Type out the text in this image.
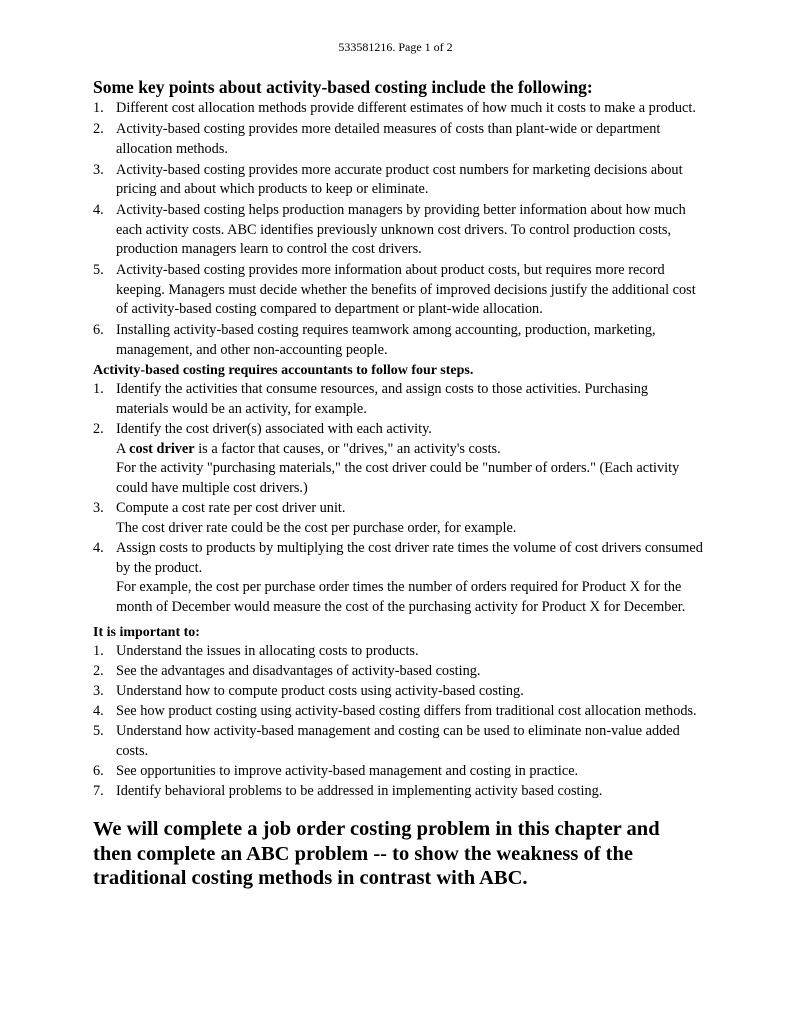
533581216. Page 1 of 2
Some key points about activity-based costing include the following:
1. Different cost allocation methods provide different estimates of how much it costs to make a product.
2. Activity-based costing provides more detailed measures of costs than plant-wide or department allocation methods.
3. Activity-based costing provides more accurate product cost numbers for marketing decisions about pricing and about which products to keep or eliminate.
4. Activity-based costing helps production managers by providing better information about how much each activity costs. ABC identifies previously unknown cost drivers. To control production costs, production managers learn to control the cost drivers.
5. Activity-based costing provides more information about product costs, but requires more record keeping. Managers must decide whether the benefits of improved decisions justify the additional cost of activity-based costing compared to department or plant-wide allocation.
6. Installing activity-based costing requires teamwork among accounting, production, marketing, management, and other non-accounting people.
Activity-based costing requires accountants to follow four steps.
1. Identify the activities that consume resources, and assign costs to those activities. Purchasing materials would be an activity, for example.
2. Identify the cost driver(s) associated with each activity.
A cost driver is a factor that causes, or "drives," an activity's costs.
For the activity "purchasing materials," the cost driver could be "number of orders." (Each activity could have multiple cost drivers.)
3. Compute a cost rate per cost driver unit.
The cost driver rate could be the cost per purchase order, for example.
4. Assign costs to products by multiplying the cost driver rate times the volume of cost drivers consumed by the product.
For example, the cost per purchase order times the number of orders required for Product X for the month of December would measure the cost of the purchasing activity for Product X for December.
It is important to:
1. Understand the issues in allocating costs to products.
2. See the advantages and disadvantages of activity-based costing.
3. Understand how to compute product costs using activity-based costing.
4. See how product costing using activity-based costing differs from traditional cost allocation methods.
5. Understand how activity-based management and costing can be used to eliminate non-value added costs.
6. See opportunities to improve activity-based management and costing in practice.
7. Identify behavioral problems to be addressed in implementing activity based costing.

We will complete a job order costing problem in this chapter and then complete an ABC problem -- to show the weakness of the traditional costing methods in contrast with ABC.
